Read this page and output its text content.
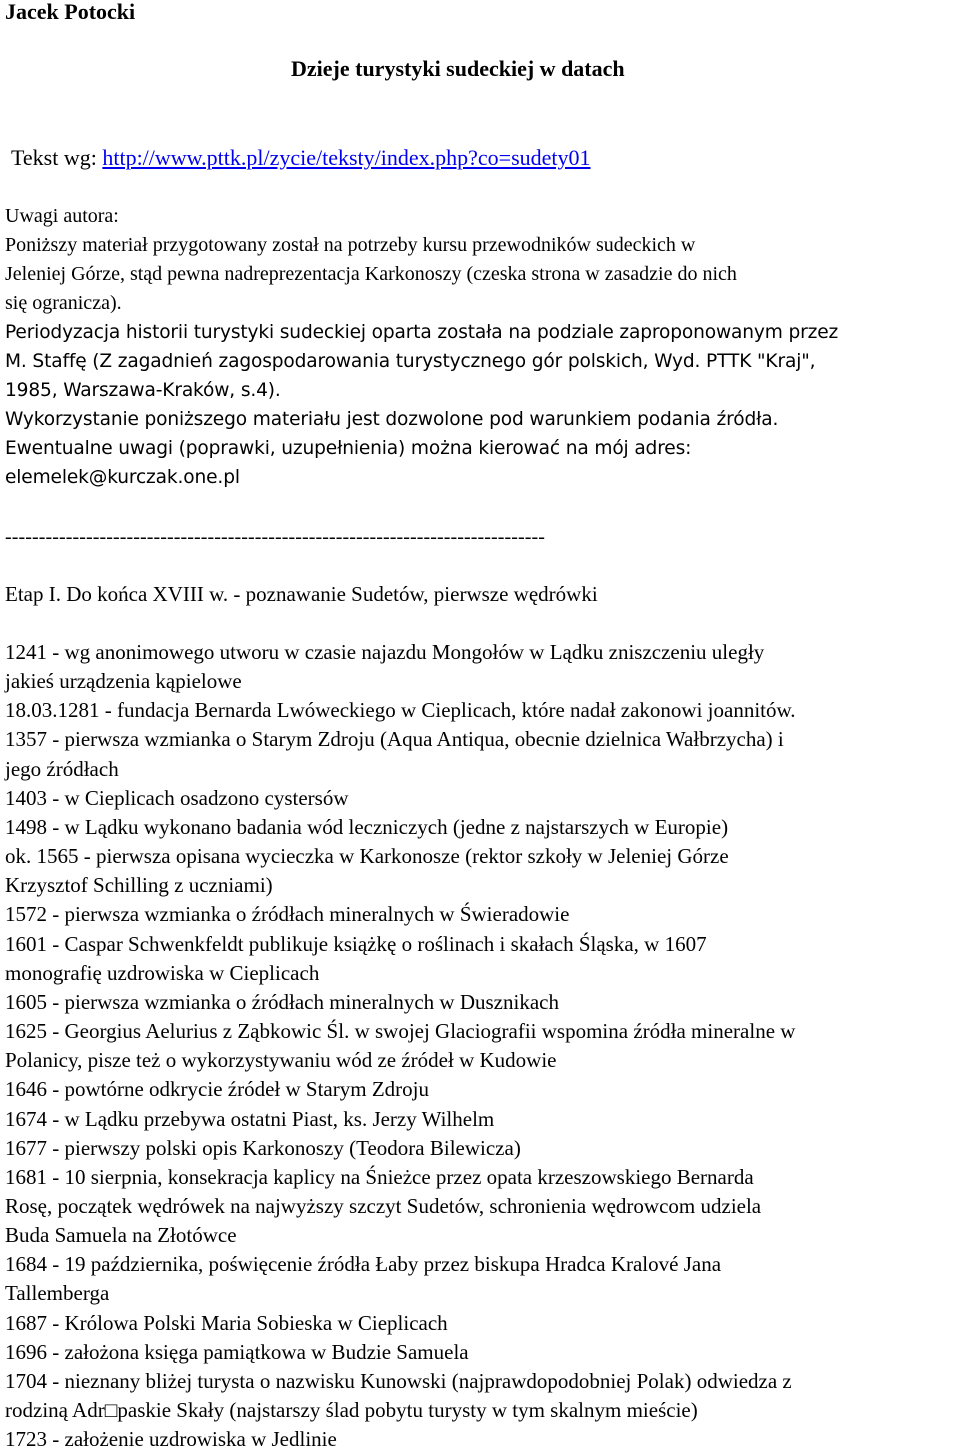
Jacek Potocki
Dzieje turystyki sudeckiej w datach
Tekst wg: http://www.pttk.pl/zycie/teksty/index.php?co=sudety01
Uwagi autora:
Poniższy materiał przygotowany został na potrzeby kursu przewodników sudeckich w
Jeleniej Górze, stąd pewna nadreprezentacja Karkonoszy (czeska strona w zasadzie do nich
się ogranicza).
Periodyzacja historii turystyki sudeckiej oparta została na podziale zaproponowanym przez
M. Staffę (Z zagadnień zagospodarowania turystycznego gór polskich, Wyd. PTTK "Kraj",
1985, Warszawa-Kraków, s.4).
Wykorzystanie poniższego materiału jest dozwolone pod warunkiem podania źródła.
Ewentualne uwagi (poprawki, uzupełnienia) można kierować na mój adres:
elemelek@kurczak.one.pl
--------------------------------------------------------------------------------
Etap I. Do końca XVIII w. - poznawanie Sudetów, pierwsze wędrówki
1241 - wg anonimowego utworu w czasie najazdu Mongołów w Lądku zniszczeniu uległy
jakieś urządzenia kąpielowe
18.03.1281 - fundacja Bernarda Lwóweckiego w Cieplicach, które nadał zakonowi joannitów.
1357 - pierwsza wzmianka o Starym Zdroju (Aqua Antiqua, obecnie dzielnica Wałbrzycha) i
jego źródłach
1403 - w Cieplicach osadzono cystersów
1498 - w Lądku wykonano badania wód leczniczych (jedne z najstarszych w Europie)
ok. 1565 - pierwsza opisana wycieczka w Karkonosze (rektor szkoły w Jeleniej Górze
Krzysztof Schilling z uczniami)
1572 - pierwsza wzmianka o źródłach mineralnych w Świeradowie
1601 - Caspar Schwenkfeldt publikuje książkę o roślinach i skałach Śląska, w 1607
monografię uzdrowiska w Cieplicach
1605 - pierwsza wzmianka o źródłach mineralnych w Dusznikach
1625 - Georgius Aelurius z Ząbkowic Śl. w swojej Glaciografii wspomina źródła mineralne w
Polanicy, pisze też o wykorzystywaniu wód ze źródeł w Kudowie
1646 - powtórne odkrycie źródeł w Starym Zdroju
1674 - w Lądku przebywa ostatni Piast, ks. Jerzy Wilhelm
1677 - pierwszy polski opis Karkonoszy (Teodora Bilewicza)
1681 - 10 sierpnia, konsekracja kaplicy na Śnieżce przez opata krzeszowskiego Bernarda
Rosę, początek wędrówek na najwyższy szczyt Sudetów, schronienia wędrowcom udziela
Buda Samuela na Złotówce
1684 - 19 października, poświęcenie źródła Łaby przez biskupa Hradca Kralové Jana
Tallemberga
1687 - Królowa Polski Maria Sobieska w Cieplicach
1696 - założona księga pamiątkowa w Budzie Samuela
1704 - nieznany bliżej turysta o nazwisku Kunowski (najprawdopodobniej Polak) odwiedza z
rodziną Adr□paskie Skały (najstarszy ślad pobytu turysty w tym skalnym mieście)
1723 - założenie uzdrowiska w Jedlinie
